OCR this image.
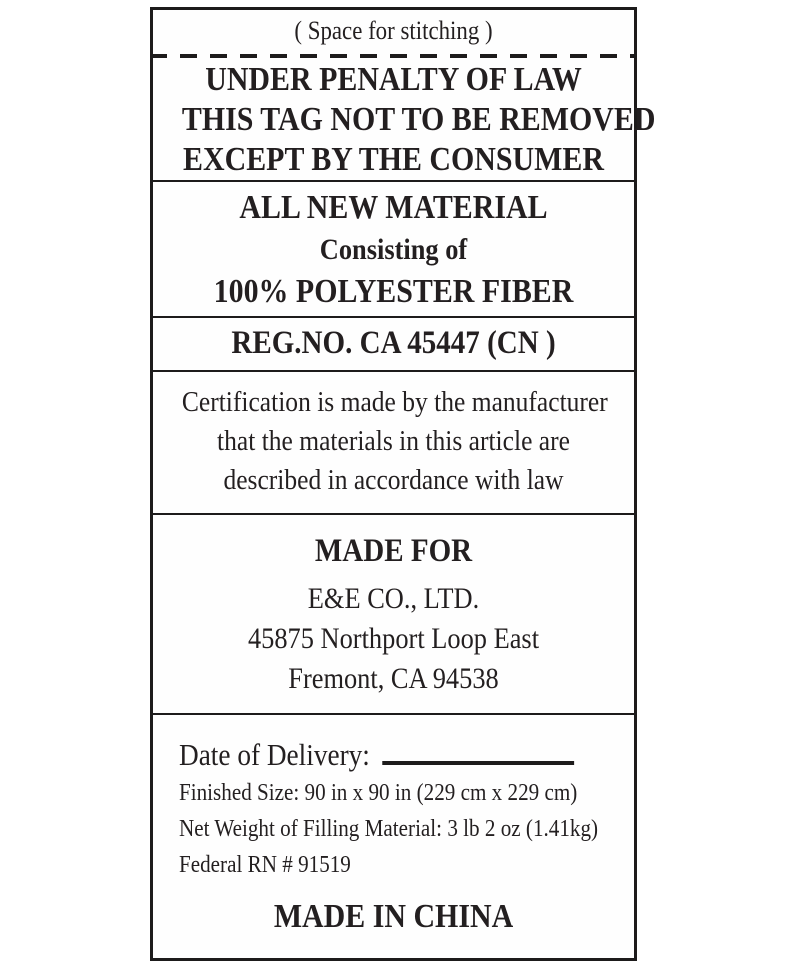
( Space for stitching )
UNDER PENALTY OF LAW
THIS TAG NOT TO BE REMOVED
EXCEPT BY THE CONSUMER
ALL NEW MATERIAL
Consisting of
100% POLYESTER FIBER
REG.NO. CA 45447 (CN )
Certification is made by the manufacturer
that the materials in this article are
described in accordance with law
MADE FOR
E&E CO., LTD.
45875 Northport Loop East
Fremont, CA 94538
Date of Delivery:
Finished Size: 90 in x 90 in (229 cm x 229 cm)
Net Weight of Filling Material: 3 lb 2 oz (1.41kg)
Federal RN # 91519
MADE IN CHINA
